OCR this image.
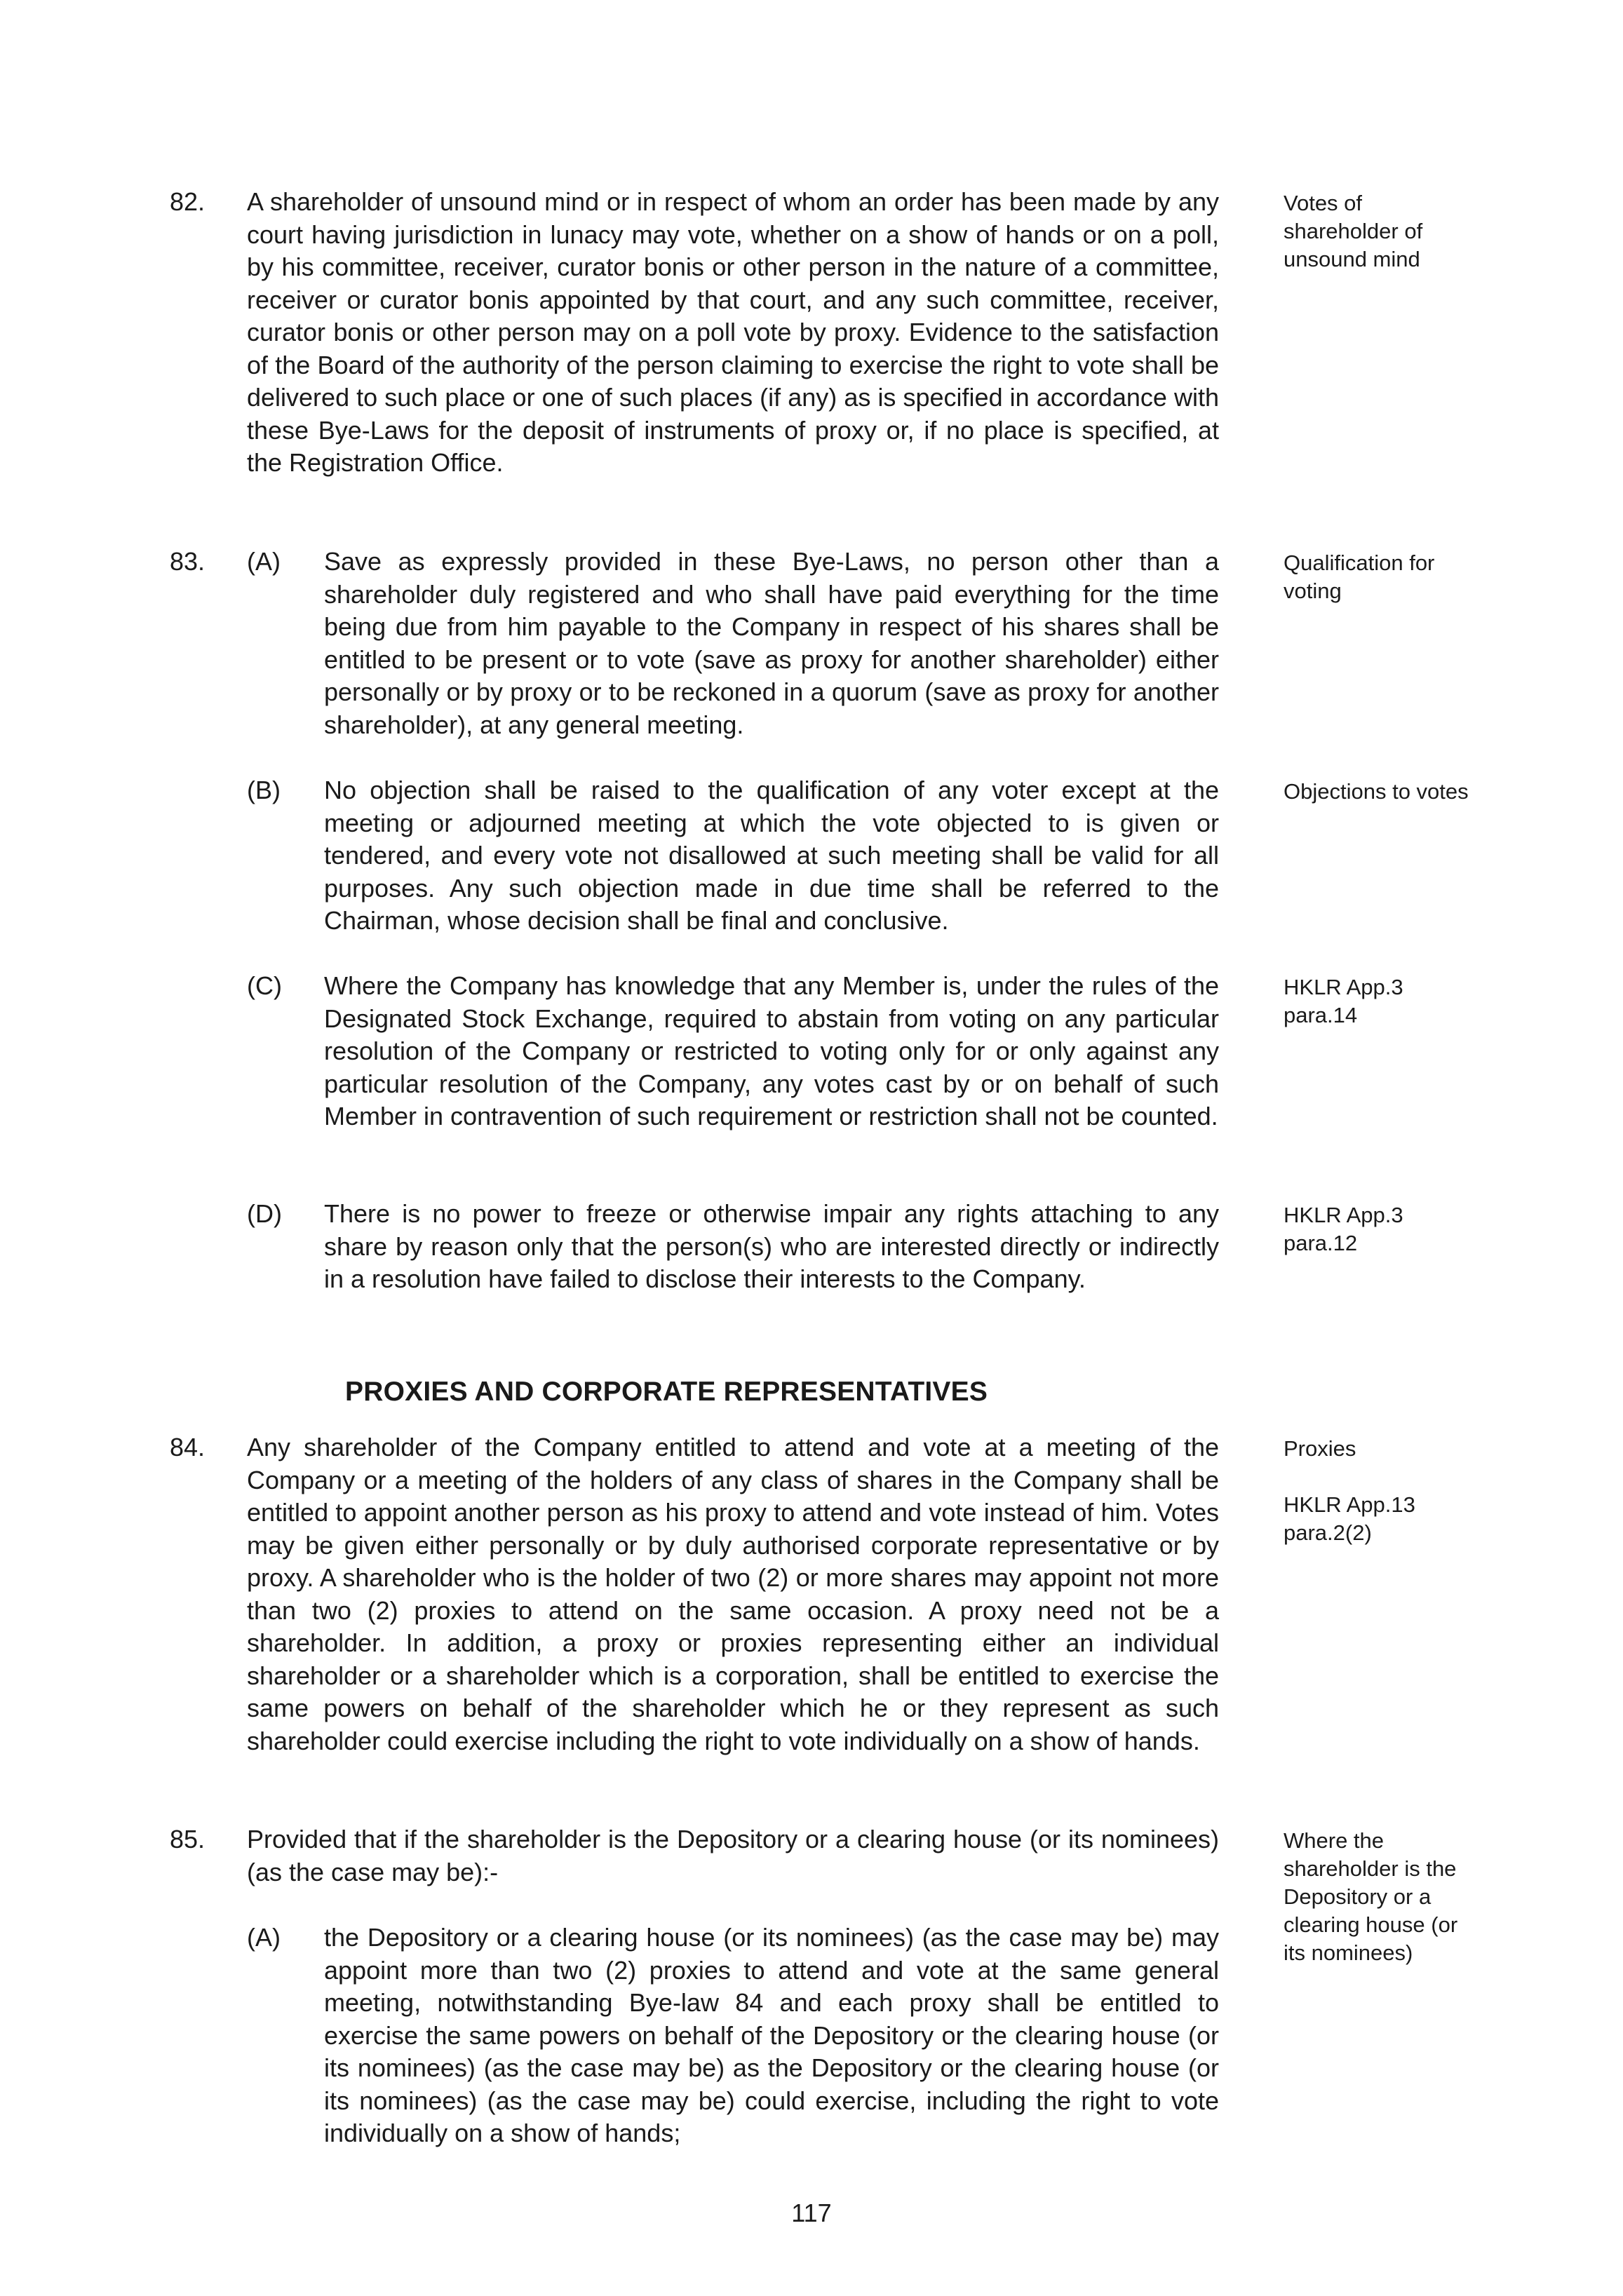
82. A shareholder of unsound mind or in respect of whom an order has been made by any court having jurisdiction in lunacy may vote, whether on a show of hands or on a poll, by his committee, receiver, curator bonis or other person in the nature of a committee, receiver or curator bonis appointed by that court, and any such committee, receiver, curator bonis or other person may on a poll vote by proxy. Evidence to the satisfaction of the Board of the authority of the person claiming to exercise the right to vote shall be delivered to such place or one of such places (if any) as is specified in accordance with these Bye-Laws for the deposit of instruments of proxy or, if no place is specified, at the Registration Office.
Votes of shareholder of unsound mind
83. (A) Save as expressly provided in these Bye-Laws, no person other than a shareholder duly registered and who shall have paid everything for the time being due from him payable to the Company in respect of his shares shall be entitled to be present or to vote (save as proxy for another shareholder) either personally or by proxy or to be reckoned in a quorum (save as proxy for another shareholder), at any general meeting.
Qualification for voting
(B) No objection shall be raised to the qualification of any voter except at the meeting or adjourned meeting at which the vote objected to is given or tendered, and every vote not disallowed at such meeting shall be valid for all purposes. Any such objection made in due time shall be referred to the Chairman, whose decision shall be final and conclusive.
Objections to votes
(C) Where the Company has knowledge that any Member is, under the rules of the Designated Stock Exchange, required to abstain from voting on any particular resolution of the Company or restricted to voting only for or only against any particular resolution of the Company, any votes cast by or on behalf of such Member in contravention of such requirement or restriction shall not be counted.
HKLR App.3 para.14
(D) There is no power to freeze or otherwise impair any rights attaching to any share by reason only that the person(s) who are interested directly or indirectly in a resolution have failed to disclose their interests to the Company.
HKLR App.3 para.12
PROXIES AND CORPORATE REPRESENTATIVES
84. Any shareholder of the Company entitled to attend and vote at a meeting of the Company or a meeting of the holders of any class of shares in the Company shall be entitled to appoint another person as his proxy to attend and vote instead of him. Votes may be given either personally or by duly authorised corporate representative or by proxy. A shareholder who is the holder of two (2) or more shares may appoint not more than two (2) proxies to attend on the same occasion. A proxy need not be a shareholder. In addition, a proxy or proxies representing either an individual shareholder or a shareholder which is a corporation, shall be entitled to exercise the same powers on behalf of the shareholder which he or they represent as such shareholder could exercise including the right to vote individually on a show of hands.
Proxies
HKLR App.13 para.2(2)
85. Provided that if the shareholder is the Depository or a clearing house (or its nominees) (as the case may be):-
Where the shareholder is the Depository or a clearing house (or its nominees)
(A) the Depository or a clearing house (or its nominees) (as the case may be) may appoint more than two (2) proxies to attend and vote at the same general meeting, notwithstanding Bye-law 84 and each proxy shall be entitled to exercise the same powers on behalf of the Depository or the clearing house (or its nominees) (as the case may be) as the Depository or the clearing house (or its nominees) (as the case may be) could exercise, including the right to vote individually on a show of hands;
117
